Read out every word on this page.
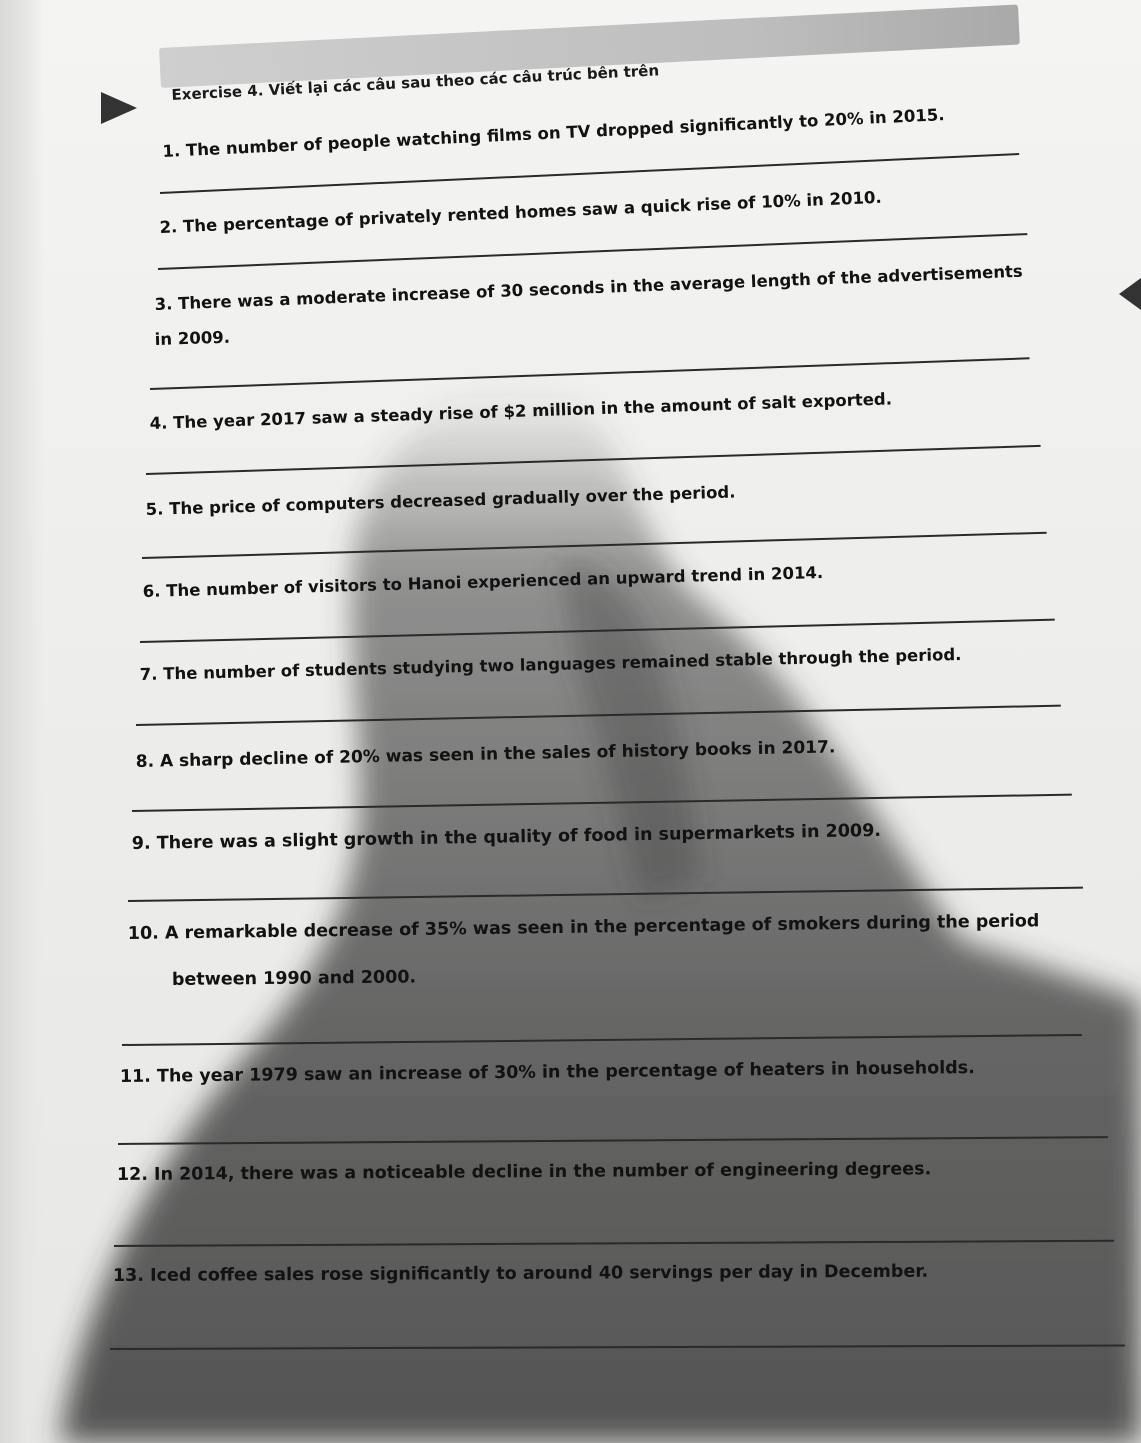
Exercise 4. Viết lại các câu sau theo các câu trúc bên trên

1. The number of people watching films on TV dropped significantly to 20% in 2015.

2. The percentage of privately rented homes saw a quick rise of 10% in 2010.

3. There was a moderate increase of 30 seconds in the average length of the advertisements

in 2009.

4. The year 2017 saw a steady rise of $2 million in the amount of salt exported.

5. The price of computers decreased gradually over the period.

6. The number of visitors to Hanoi experienced an upward trend in 2014.

7. The number of students studying two languages remained stable through the period.

8. A sharp decline of 20% was seen in the sales of history books in 2017.

9. There was a slight growth in the quality of food in supermarkets in 2009.

10. A remarkable decrease of 35% was seen in the percentage of smokers during the period

between 1990 and 2000.

11. The year 1979 saw an increase of 30% in the percentage of heaters in households.

12. In 2014, there was a noticeable decline in the number of engineering degrees.

13. Iced coffee sales rose significantly to around 40 servings per day in December.
